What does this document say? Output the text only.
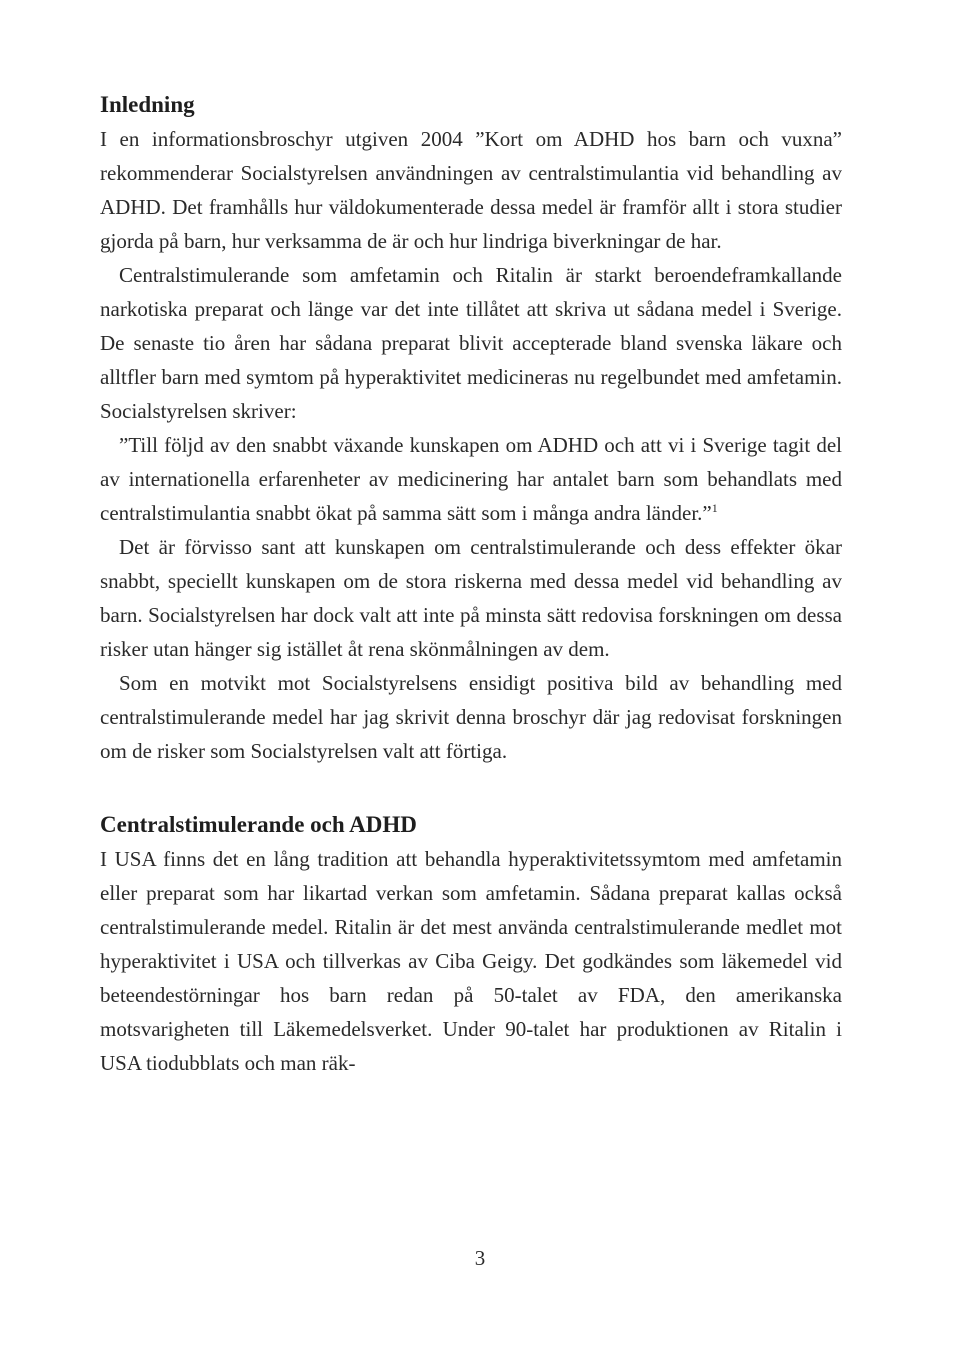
Inledning

I en informationsbroschyr utgiven 2004 ”Kort om ADHD hos barn och vuxna” rekommenderar Socialstyrelsen användningen av centralstimulantia vid behandling av ADHD. Det framhålls hur väldokumenterade dessa medel är framför allt i stora studier gjorda på barn, hur verksamma de är och hur lindriga biverkningar de har.

Centralstimulerande som amfetamin och Ritalin är starkt beroendeframkallande narkotiska preparat och länge var det inte tillåtet att skriva ut sådana medel i Sverige. De senaste tio åren har sådana preparat blivit accepterade bland svenska läkare och alltfler barn med symtom på hyperaktivitet medicineras nu regelbundet med amfetamin. Socialstyrelsen skriver:

”Till följd av den snabbt växande kunskapen om ADHD och att vi i Sverige tagit del av internationella erfarenheter av medicinering har antalet barn som behandlats med centralstimulantia snabbt ökat på samma sätt som i många andra länder.”$^1$

Det är förvisso sant att kunskapen om centralstimulerande och dess effekter ökar snabbt, speciellt kunskapen om de stora riskerna med dessa medel vid behandling av barn. Socialstyrelsen har dock valt att inte på minsta sätt redovisa forskningen om dessa risker utan hänger sig istället åt rena skönmålningen av dem.

Som en motvikt mot Socialstyrelsens ensidigt positiva bild av behandling med centralstimulerande medel har jag skrivit denna broschyr där jag redovisat forskningen om de risker som Socialstyrelsen valt att förtiga.

Centralstimulerande och ADHD

I USA finns det en lång tradition att behandla hyperaktivitetssymtom med amfetamin eller preparat som har likartad verkan som amfetamin. Sådana preparat kallas också centralstimulerande medel. Ritalin är det mest använda centralstimulerande medlet mot hyperaktivitet i USA och tillverkas av Ciba Geigy. Det godkändes som läkemedel vid beteendestörningar hos barn redan på 50-talet av FDA, den amerikanska motsvarigheten till Läkemedelsverket. Under 90-talet har produktionen av Ritalin i USA tiodubblats och man räk-

3
